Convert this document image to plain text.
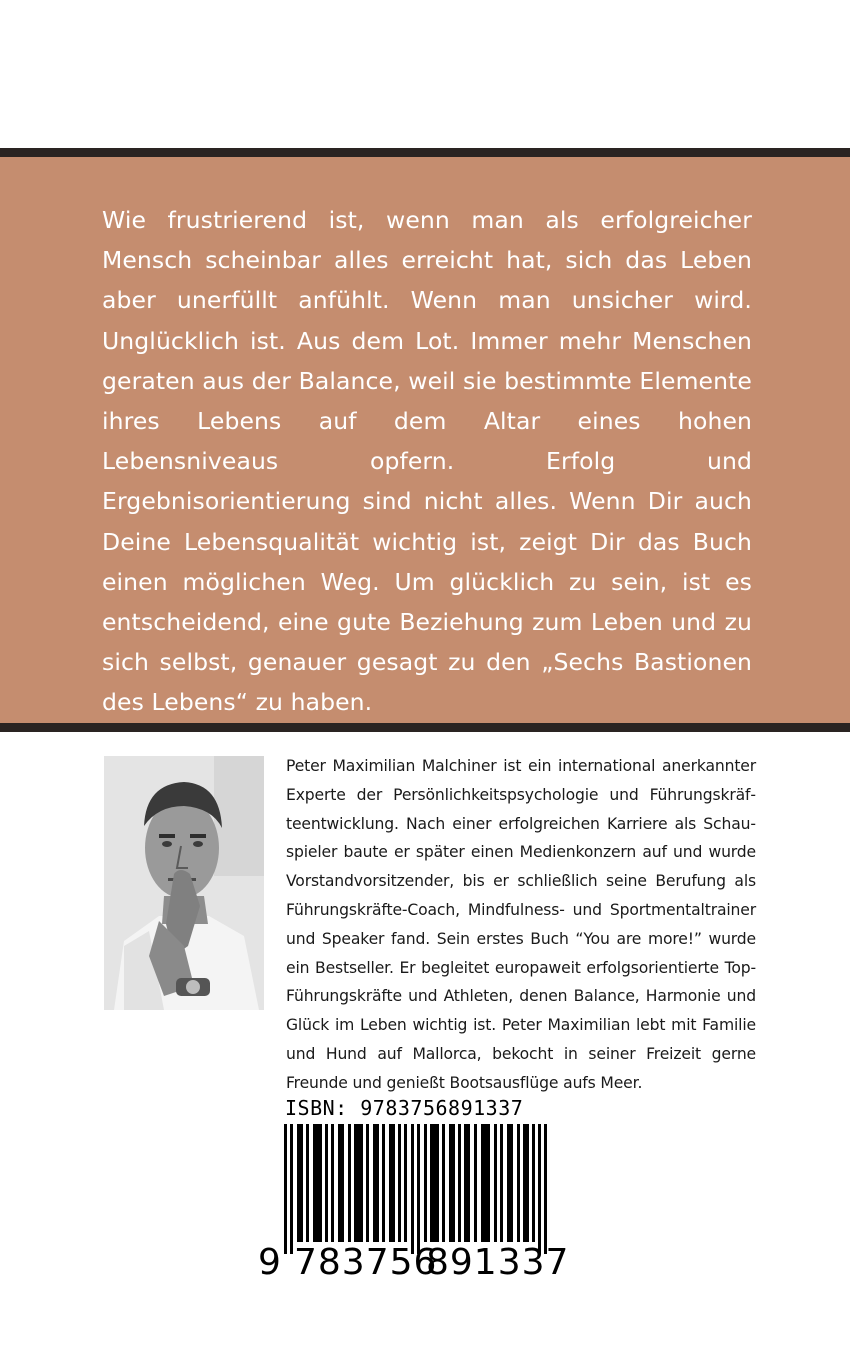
Wie frustrierend ist, wenn man als erfolgreicher Mensch scheinbar alles erreicht hat, sich das Leben aber unerfüllt anfühlt. Wenn man unsicher wird. Unglücklich ist. Aus dem Lot. Immer mehr Menschen geraten aus der Balance, weil sie bestimmte Elemente ihres Lebens auf dem Altar eines hohen Lebensniveaus opfern. Erfolg und Ergebnisorientierung sind nicht alles. Wenn Dir auch Deine Lebensqualität wichtig ist, zeigt Dir das Buch einen möglichen Weg. Um glücklich zu sein, ist es entscheidend, eine gute Beziehung zum Leben und zu sich selbst, genauer gesagt zu den „Sechs Bastionen des Lebens“ zu haben.

Peter Maximilian Malchiner ist ein international anerkannter Experte der Persönlichkeitspsychologie und Führungskräfteentwicklung. Nach einer erfolgreichen Karriere als Schauspieler baute er später einen Medienkonzern auf und wurde Vorstandvorsitzender, bis er schließlich seine Berufung als Führungskräfte-Coach, Mindfulness- und Sportmentaltrainer und Speaker fand. Sein erstes Buch “You are more!” wurde ein Bestseller. Er begleitet europaweit erfolgsorientierte Top-Führungskräfte und Athleten, denen Balance, Harmonie und Glück im Leben wichtig ist. Peter Maximilian lebt mit Familie und Hund auf Mallorca, bekocht in seiner Freizeit gerne Freunde und genießt Bootsausflüge aufs Meer.

ISBN: 9783756891337
9 783756
891337
